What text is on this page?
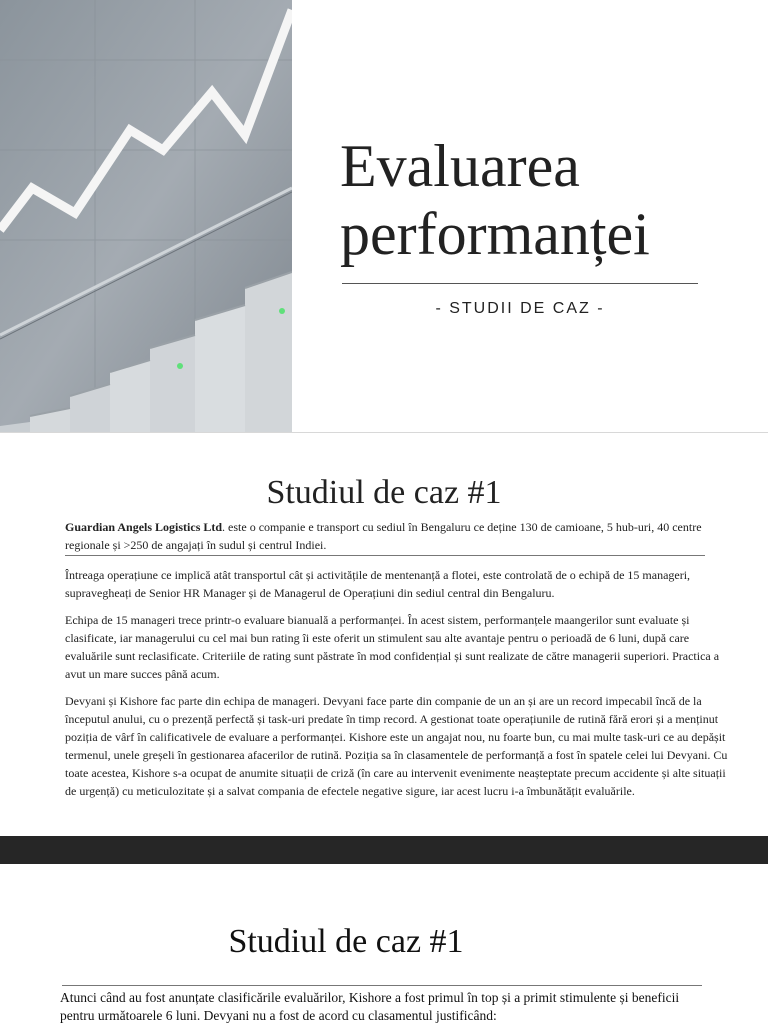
Evaluarea
performanței
- STUDII DE CAZ -
Studiul de caz #1

Guardian Angels Logistics Ltd. este o companie e transport cu sediul în Bengaluru ce deține 130 de camioane, 5 hub-uri, 40 centre regionale și >250 de angajați în sudul și centrul Indiei.

Întreaga operațiune ce implică atât transportul cât și activitățile de mentenanță a flotei, este controlată de o echipă de 15 manageri, supravegheați de Senior HR Manager și de Managerul de Operațiuni din sediul central din Bengaluru.

Echipa de 15 manageri trece printr-o evaluare bianuală a performanței. În acest sistem, performanțele maangerilor sunt evaluate și clasificate, iar managerului cu cel mai bun rating îi este oferit un stimulent sau alte avantaje pentru o perioadă de 6 luni, după care evaluările sunt reclasificate. Criteriile de rating sunt păstrate în mod confidențial și sunt realizate de către managerii superiori. Practica a avut un mare succes până acum.

Devyani și Kishore fac parte din echipa de manageri. Devyani face parte din companie de un an și are un record impecabil încă de la începutul anului, cu o prezență perfectă și task-uri predate în timp record. A gestionat toate operațiunile de rutină fără erori și a menținut poziția de vârf în calificativele de evaluare a performanței. Kishore este un angajat nou, nu foarte bun, cu mai multe task-uri ce au depășit termenul, unele greșeli în gestionarea afacerilor de rutină. Poziția sa în clasamentele de performanță a fost în spatele celei lui Devyani. Cu toate acestea, Kishore s-a ocupat de anumite situații de criză (în care au intervenit evenimente neașteptate precum accidente și alte situații de urgență) cu meticulozitate și a salvat compania de efectele negative sigure, iar acest lucru i-a îmbunătățit evaluările.

Studiul de caz #1

Atunci când au fost anunțate clasificările evaluărilor, Kishore a fost primul în top și a primit stimulente și beneficii pentru următoarele 6 luni. Devyani nu a fost de acord cu clasamentul justificând:
